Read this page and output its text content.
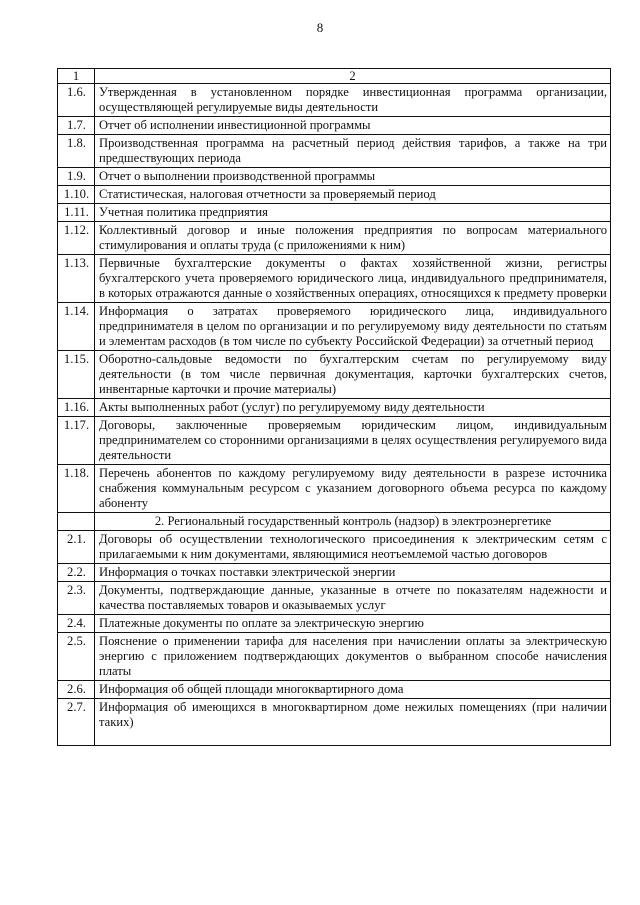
8
1	2
1.6.	Утвержденная в установленном порядке инвестиционная программа организации, осуществляющей регулируемые виды деятельности
1.7.	Отчет об исполнении инвестиционной программы
1.8.	Производственная программа на расчетный период действия тарифов, а также на три предшествующих периода
1.9.	Отчет о выполнении производственной программы
1.10.	Статистическая, налоговая отчетности за проверяемый период
1.11.	Учетная политика предприятия
1.12.	Коллективный договор и иные положения предприятия по вопросам материального стимулирования и оплаты труда (с приложениями к ним)
1.13.	Первичные бухгалтерские документы о фактах хозяйственной жизни, регистры бухгалтерского учета проверяемого юридического лица, индивидуального предпринимателя, в которых отражаются данные о хозяйственных операциях, относящихся к предмету проверки
1.14.	Информация о затратах проверяемого юридического лица, индивидуального предпринимателя в целом по организации и по регулируемому виду деятельности по статьям и элементам расходов (в том числе по субъекту Российской Федерации) за отчетный период
1.15.	Оборотно-сальдовые ведомости по бухгалтерским счетам по регулируемому виду деятельности (в том числе первичная документация, карточки бухгалтерских счетов, инвентарные карточки и прочие материалы)
1.16.	Акты выполненных работ (услуг) по регулируемому виду деятельности
1.17.	Договоры, заключенные проверяемым юридическим лицом, индивидуальным предпринимателем со сторонними организациями в целях осуществления регулируемого вида деятельности
1.18.	Перечень абонентов по каждому регулируемому виду деятельности в разрезе источника снабжения коммунальным ресурсом с указанием договорного объема ресурса по каждому абоненту
	2. Региональный государственный контроль (надзор) в электроэнергетике
2.1.	Договоры об осуществлении технологического присоединения к электрическим сетям с прилагаемыми к ним документами, являющимися неотъемлемой частью договоров
2.2.	Информация о точках поставки электрической энергии
2.3.	Документы, подтверждающие данные, указанные в отчете по показателям надежности и качества поставляемых товаров и оказываемых услуг
2.4.	Платежные документы по оплате за электрическую энергию
2.5.	Пояснение о применении тарифа для населения при начислении оплаты за электрическую энергию с приложением подтверждающих документов о выбранном способе начисления платы
2.6.	Информация об общей площади многоквартирного дома
2.7.	Информация об имеющихся в многоквартирном доме нежилых помещениях (при наличии таких)
